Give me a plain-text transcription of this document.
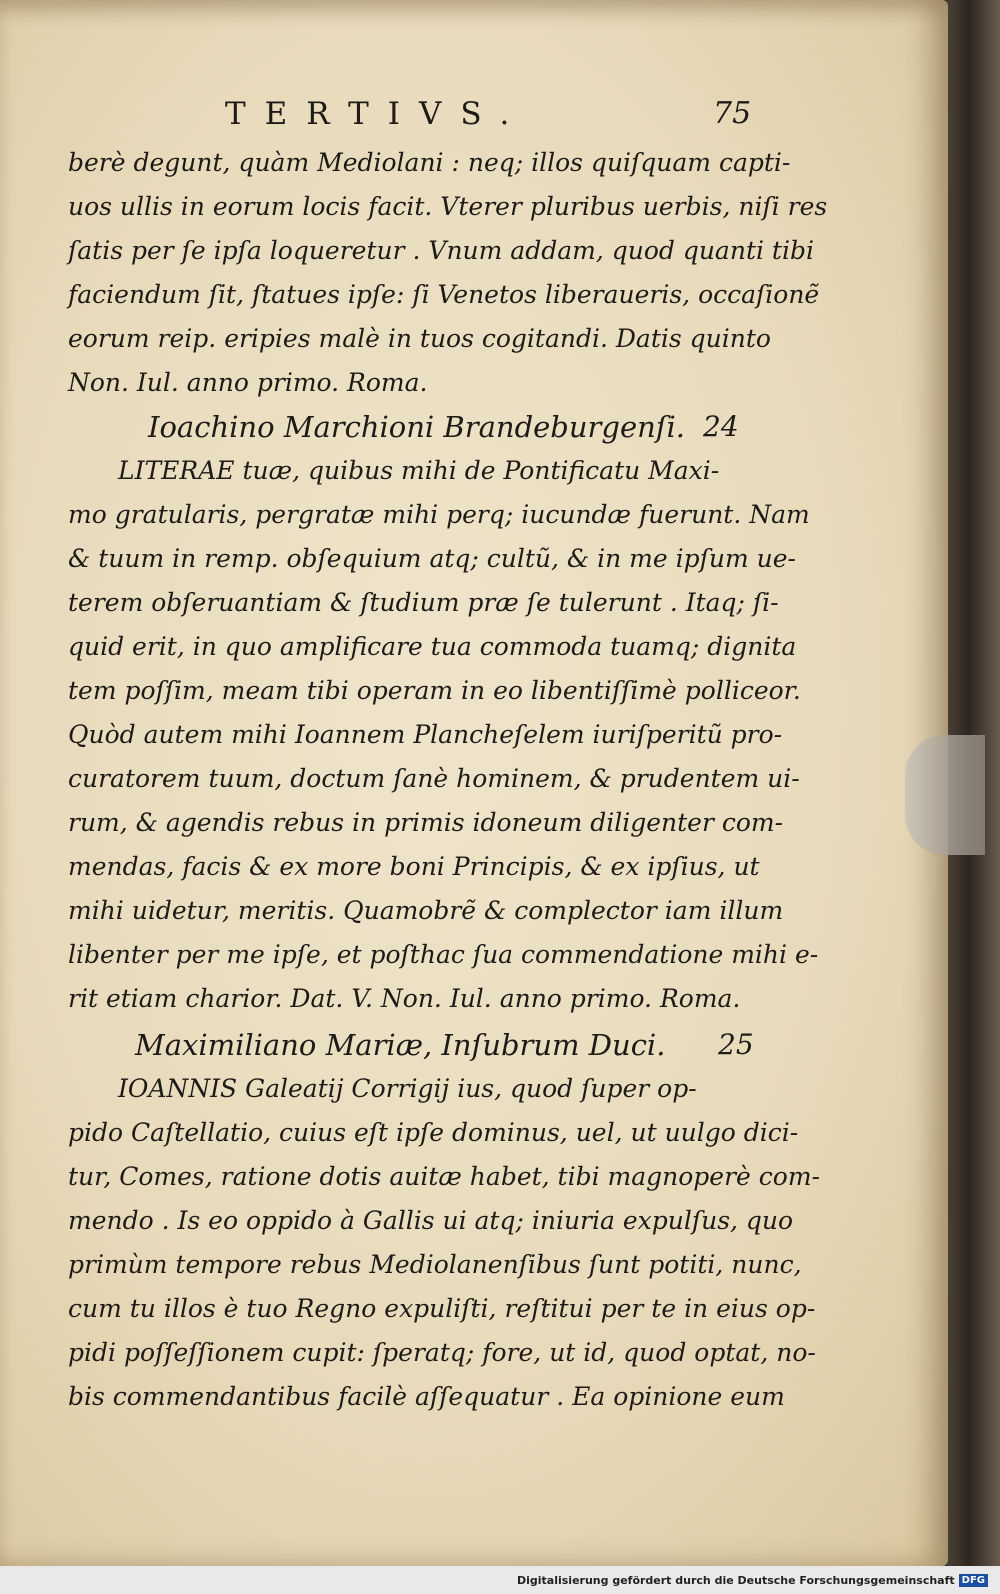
TERTIVS.	75
berè degunt, quàm Mediolani : neq; illos quiſquam capti-
uos ullis in eorum locis facit. Vterer pluribus uerbis, niſi res
ſatis per ſe ipſa loqueretur . Vnum addam, quod quanti tibi
faciendum ſit, ſtatues ipſe: ſi Venetos liberaueris, occaſionẽ
eorum reip. eripies malè in tuos cogitandi. Datis quinto
Non. Iul. anno primo. Roma.
Ioachino Marchioni Brandeburgenſi. 24
LITERAE tuæ, quibus mihi de Pontificatu Maxi-
mo gratularis, pergratæ mihi perq; iucundæ fuerunt. Nam
& tuum in remp. obſequium atq; cultũ, & in me ipſum ue-
terem obſeruantiam & ſtudium præ ſe tulerunt . Itaq; ſi-
quid erit, in quo amplificare tua commoda tuamq; dignita
tem poſſim, meam tibi operam in eo libentiſſimè polliceor.
Quòd autem mihi Ioannem Plancheſelem iuriſperitũ pro-
curatorem tuum, doctum ſanè hominem, & prudentem ui-
rum, & agendis rebus in primis idoneum diligenter com-
mendas, facis & ex more boni Principis, & ex ipſius, ut
mihi uidetur, meritis. Quamobrẽ & complector iam illum
libenter per me ipſe, et poſthac ſua commendatione mihi e-
rit etiam charior. Dat. V. Non. Iul. anno primo. Roma.
Maximiliano Mariæ, Inſubrum Duci. 25
IOANNIS Galeatij Corrigij ius, quod ſuper op-
pido Caſtellatio, cuius eſt ipſe dominus, uel, ut uulgo dici-
tur, Comes, ratione dotis auitæ habet, tibi magnoperè com-
mendo . Is eo oppido à Gallis ui atq; iniuria expulſus, quo
primùm tempore rebus Mediolanenſibus ſunt potiti, nunc,
cum tu illos è tuo Regno expuliſti, reſtitui per te in eius op-
pidi poſſeſſionem cupit: ſperatq; fore, ut id, quod optat, no-
bis commendantibus facilè aſſequatur . Ea opinione eum
Digitalisierung gefördert durch die Deutsche Forschungsgemeinschaft DFG
